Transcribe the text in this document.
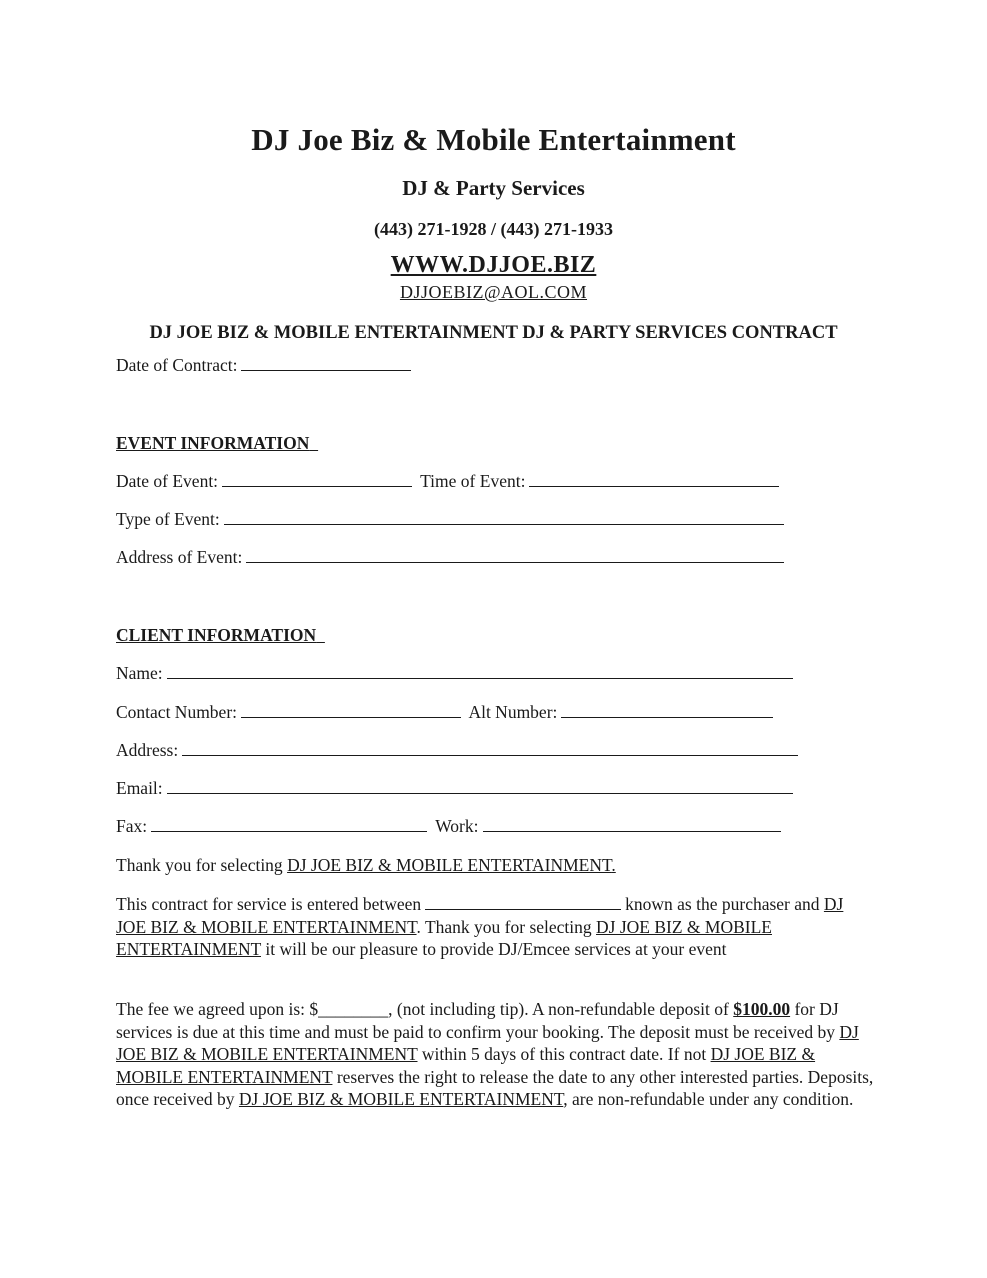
DJ Joe Biz & Mobile Entertainment
DJ & Party Services
(443) 271-1928 / (443) 271-1933
WWW.DJJOE.BIZ
DJJOEBIZ@AOL.COM
DJ JOE BIZ & MOBILE ENTERTAINMENT DJ & PARTY SERVICES CONTRACT
Date of Contract:
EVENT INFORMATION
Date of Event:	Time of Event:
Type of Event:
Address of Event:
CLIENT INFORMATION
Name:
Contact Number:	Alt Number:
Address:
Email:
Fax:	Work:
Thank you for selecting DJ JOE BIZ & MOBILE ENTERTAINMENT.
This contract for service is entered between	known as the purchaser and DJ JOE BIZ & MOBILE ENTERTAINMENT. Thank you for selecting DJ JOE BIZ & MOBILE ENTERTAINMENT it will be our pleasure to provide DJ/Emcee services at your event
The fee we agreed upon is: $________, (not including tip). A non-refundable deposit of $100.00 for DJ services is due at this time and must be paid to confirm your booking. The deposit must be received by DJ JOE BIZ & MOBILE ENTERTAINMENT within 5 days of this contract date. If not DJ JOE BIZ & MOBILE ENTERTAINMENT reserves the right to release the date to any other interested parties. Deposits, once received by DJ JOE BIZ & MOBILE ENTERTAINMENT, are non-refundable under any condition.
